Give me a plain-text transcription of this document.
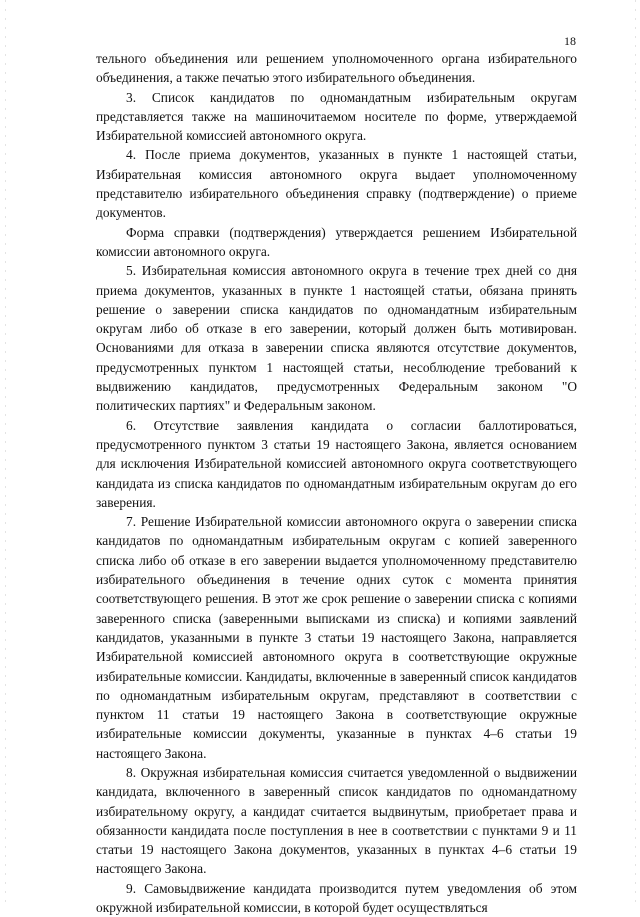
18

тельного объединения или решением уполномоченного органа избирательного объединения, а также печатью этого избирательного объединения.

3. Список кандидатов по одномандатным избирательным округам представляется также на машиночитаемом носителе по форме, утверждаемой Избирательной комиссией автономного округа.

4. После приема документов, указанных в пункте 1 настоящей статьи, Избирательная комиссия автономного округа выдает уполномоченному представителю избирательного объединения справку (подтверждение) о приеме документов.

Форма справки (подтверждения) утверждается решением Избирательной комиссии автономного округа.

5. Избирательная комиссия автономного округа в течение трех дней со дня приема документов, указанных в пункте 1 настоящей статьи, обязана принять решение о заверении списка кандидатов по одномандатным избирательным округам либо об отказе в его заверении, который должен быть мотивирован. Основаниями для отказа в заверении списка являются отсутствие документов, предусмотренных пунктом 1 настоящей статьи, несоблюдение требований к выдвижению кандидатов, предусмотренных Федеральным законом "О политических партиях" и Федеральным законом.

6. Отсутствие заявления кандидата о согласии баллотироваться, предусмотренного пунктом 3 статьи 19 настоящего Закона, является основанием для исключения Избирательной комиссией автономного округа соответствующего кандидата из списка кандидатов по одномандатным избирательным округам до его заверения.

7. Решение Избирательной комиссии автономного округа о заверении списка кандидатов по одномандатным избирательным округам с копией заверенного списка либо об отказе в его заверении выдается уполномоченному представителю избирательного объединения в течение одних суток с момента принятия соответствующего решения. В этот же срок решение о заверении списка с копиями заверенного списка (заверенными выписками из списка) и копиями заявлений кандидатов, указанными в пункте 3 статьи 19 настоящего Закона, направляется Избирательной комиссией автономного округа в соответствующие окружные избирательные комиссии. Кандидаты, включенные в заверенный список кандидатов по одномандатным избирательным округам, представляют в соответствии с пунктом 11 статьи 19 настоящего Закона в соответствующие окружные избирательные комиссии документы, указанные в пунктах 4–6 статьи 19 настоящего Закона.

8. Окружная избирательная комиссия считается уведомленной о выдвижении кандидата, включенного в заверенный список кандидатов по одномандатному избирательному округу, а кандидат считается выдвинутым, приобретает права и обязанности кандидата после поступления в нее в соответствии с пунктами 9 и 11 статьи 19 настоящего Закона документов, указанных в пунктах 4–6 статьи 19 настоящего Закона.

9. Самовыдвижение кандидата производится путем уведомления об этом окружной избирательной комиссии, в которой будет осуществляться
